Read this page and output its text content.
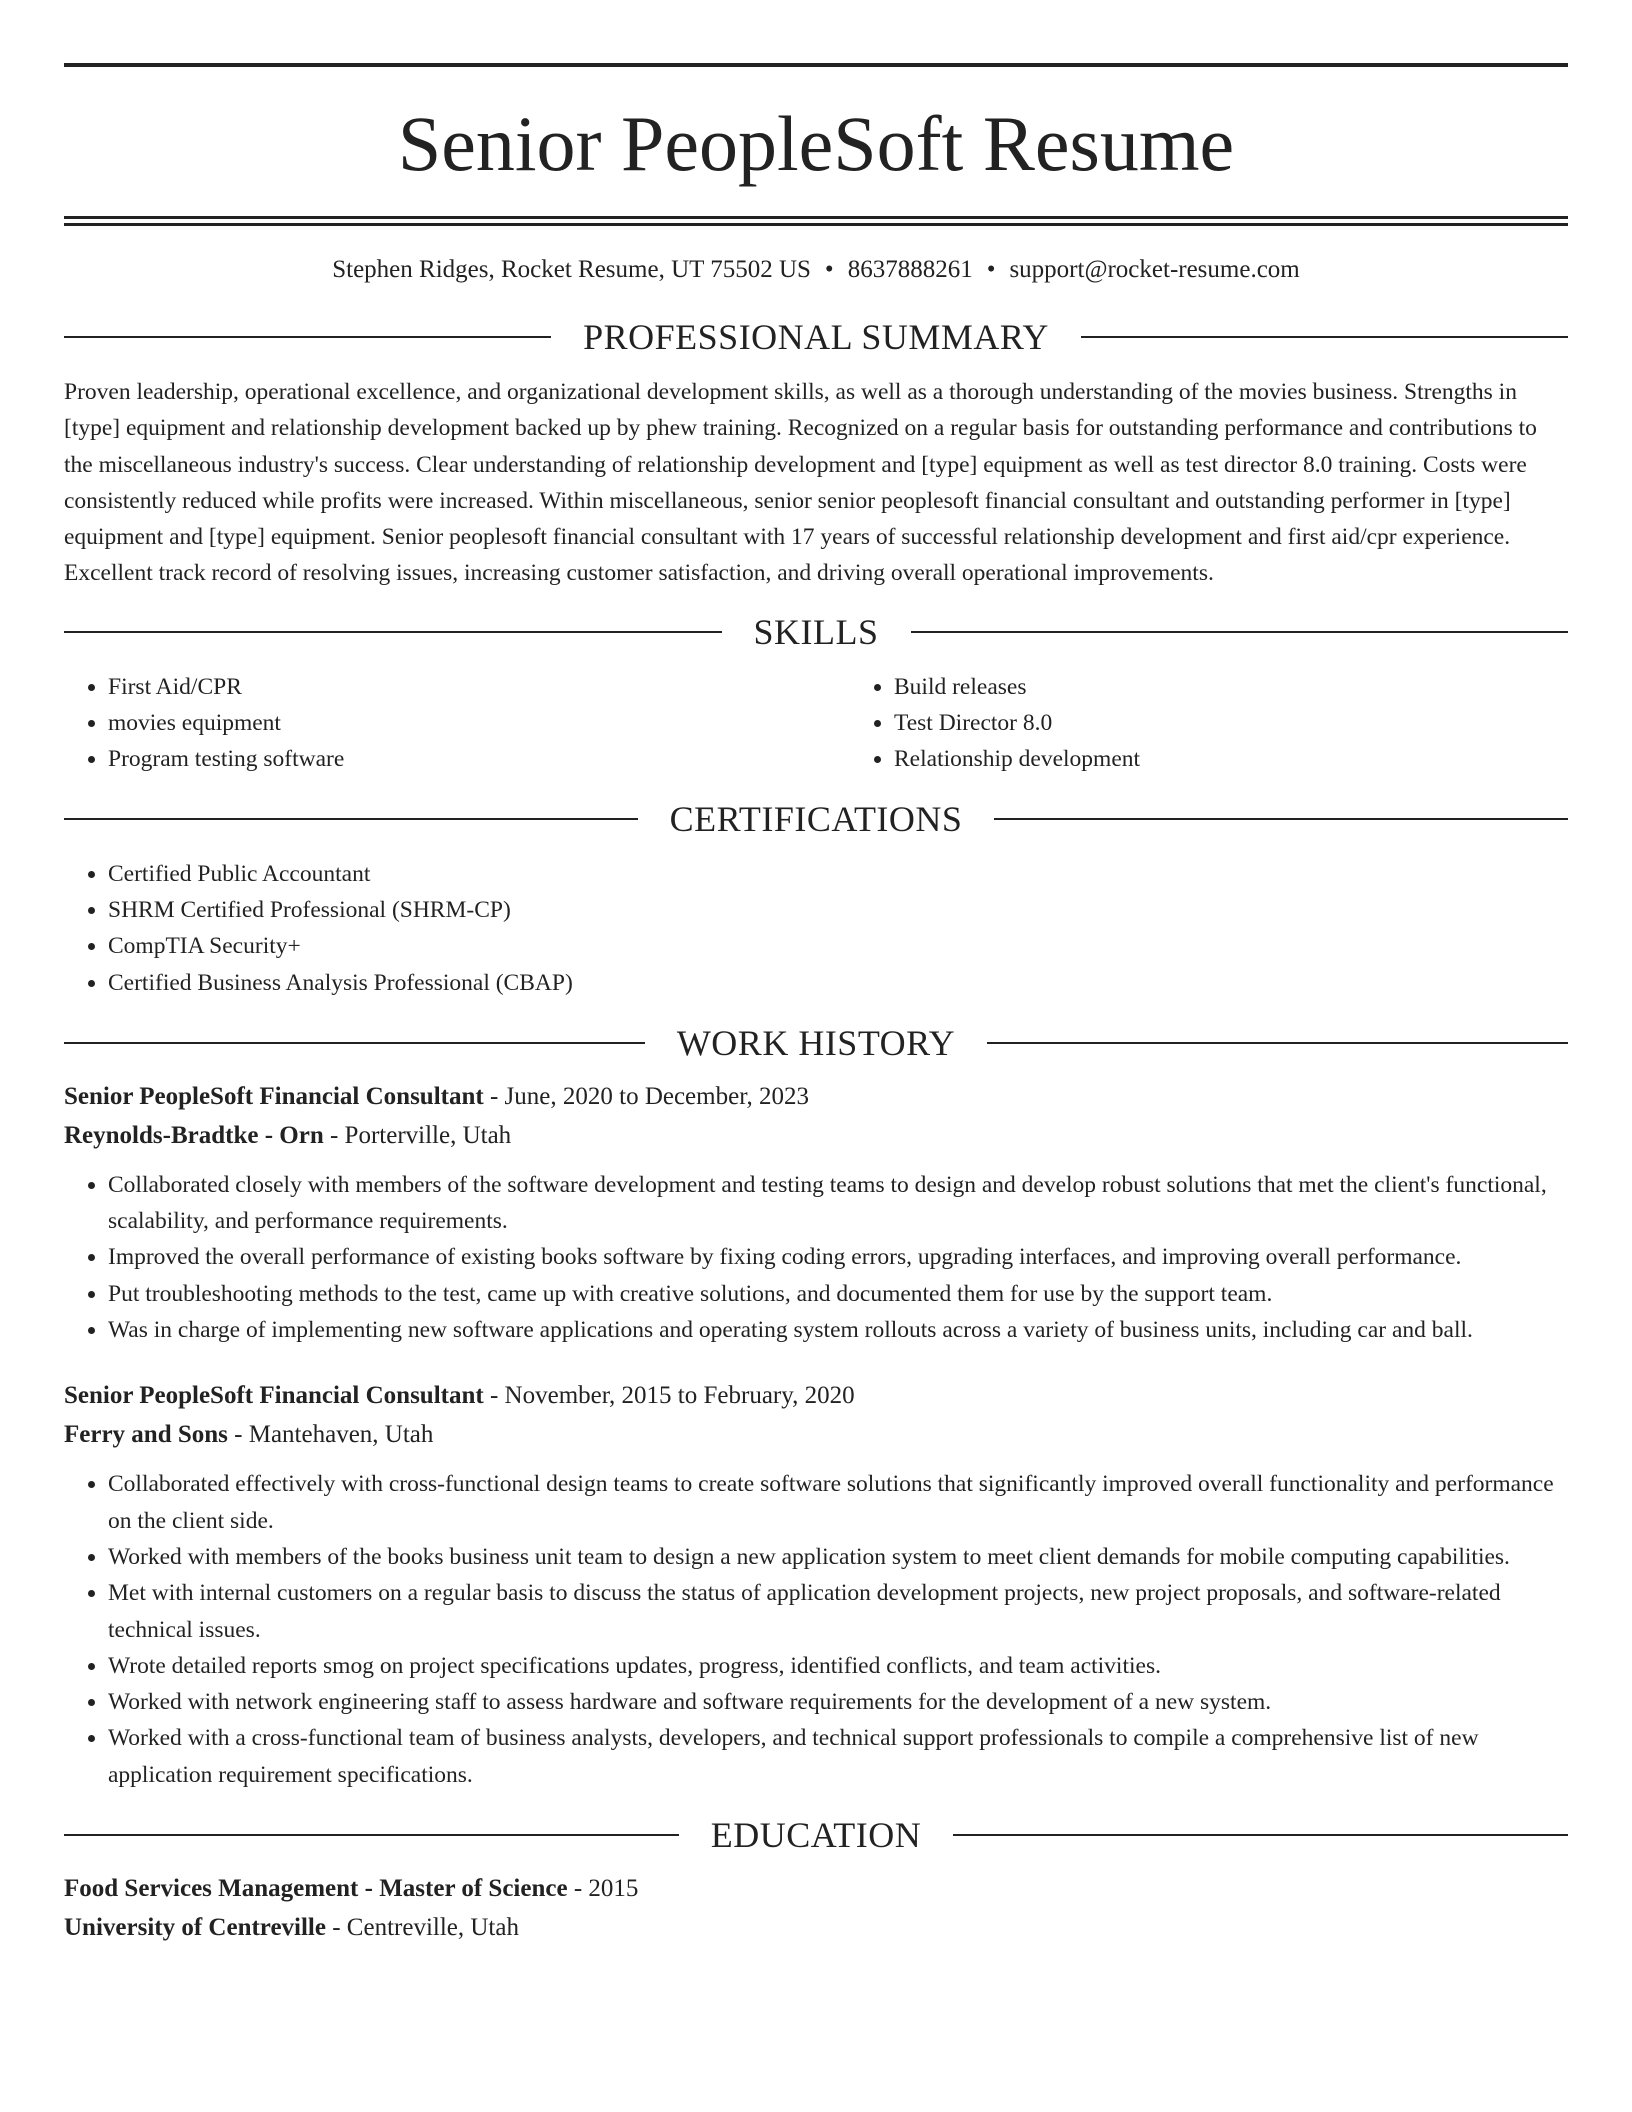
Senior PeopleSoft Resume
Stephen Ridges, Rocket Resume, UT 75502 US • 8637888261 • support@rocket-resume.com
PROFESSIONAL SUMMARY

Proven leadership, operational excellence, and organizational development skills, as well as a thorough understanding of the movies business. Strengths in [type] equipment and relationship development backed up by phew training. Recognized on a regular basis for outstanding performance and contributions to the miscellaneous industry's success. Clear understanding of relationship development and [type] equipment as well as test director 8.0 training. Costs were consistently reduced while profits were increased. Within miscellaneous, senior senior peoplesoft financial consultant and outstanding performer in [type] equipment and [type] equipment. Senior peoplesoft financial consultant with 17 years of successful relationship development and first aid/cpr experience. Excellent track record of resolving issues, increasing customer satisfaction, and driving overall operational improvements.

SKILLS
• First Aid/CPR
• movies equipment
• Program testing software
• Build releases
• Test Director 8.0
• Relationship development
CERTIFICATIONS
• Certified Public Accountant
• SHRM Certified Professional (SHRM-CP)
• CompTIA Security+
• Certified Business Analysis Professional (CBAP)
WORK HISTORY
Senior PeopleSoft Financial Consultant - June, 2020 to December, 2023
Reynolds-Bradtke - Orn - Porterville, Utah
• Collaborated closely with members of the software development and testing teams to design and develop robust solutions that met the client's functional, scalability, and performance requirements.
• Improved the overall performance of existing books software by fixing coding errors, upgrading interfaces, and improving overall performance.
• Put troubleshooting methods to the test, came up with creative solutions, and documented them for use by the support team.
• Was in charge of implementing new software applications and operating system rollouts across a variety of business units, including car and ball.
Senior PeopleSoft Financial Consultant - November, 2015 to February, 2020
Ferry and Sons - Mantehaven, Utah
• Collaborated effectively with cross-functional design teams to create software solutions that significantly improved overall functionality and performance on the client side.
• Worked with members of the books business unit team to design a new application system to meet client demands for mobile computing capabilities.
• Met with internal customers on a regular basis to discuss the status of application development projects, new project proposals, and software-related technical issues.
• Wrote detailed reports smog on project specifications updates, progress, identified conflicts, and team activities.
• Worked with network engineering staff to assess hardware and software requirements for the development of a new system.
• Worked with a cross-functional team of business analysts, developers, and technical support professionals to compile a comprehensive list of new application requirement specifications.
EDUCATION
Food Services Management - Master of Science - 2015
University of Centreville - Centreville, Utah
